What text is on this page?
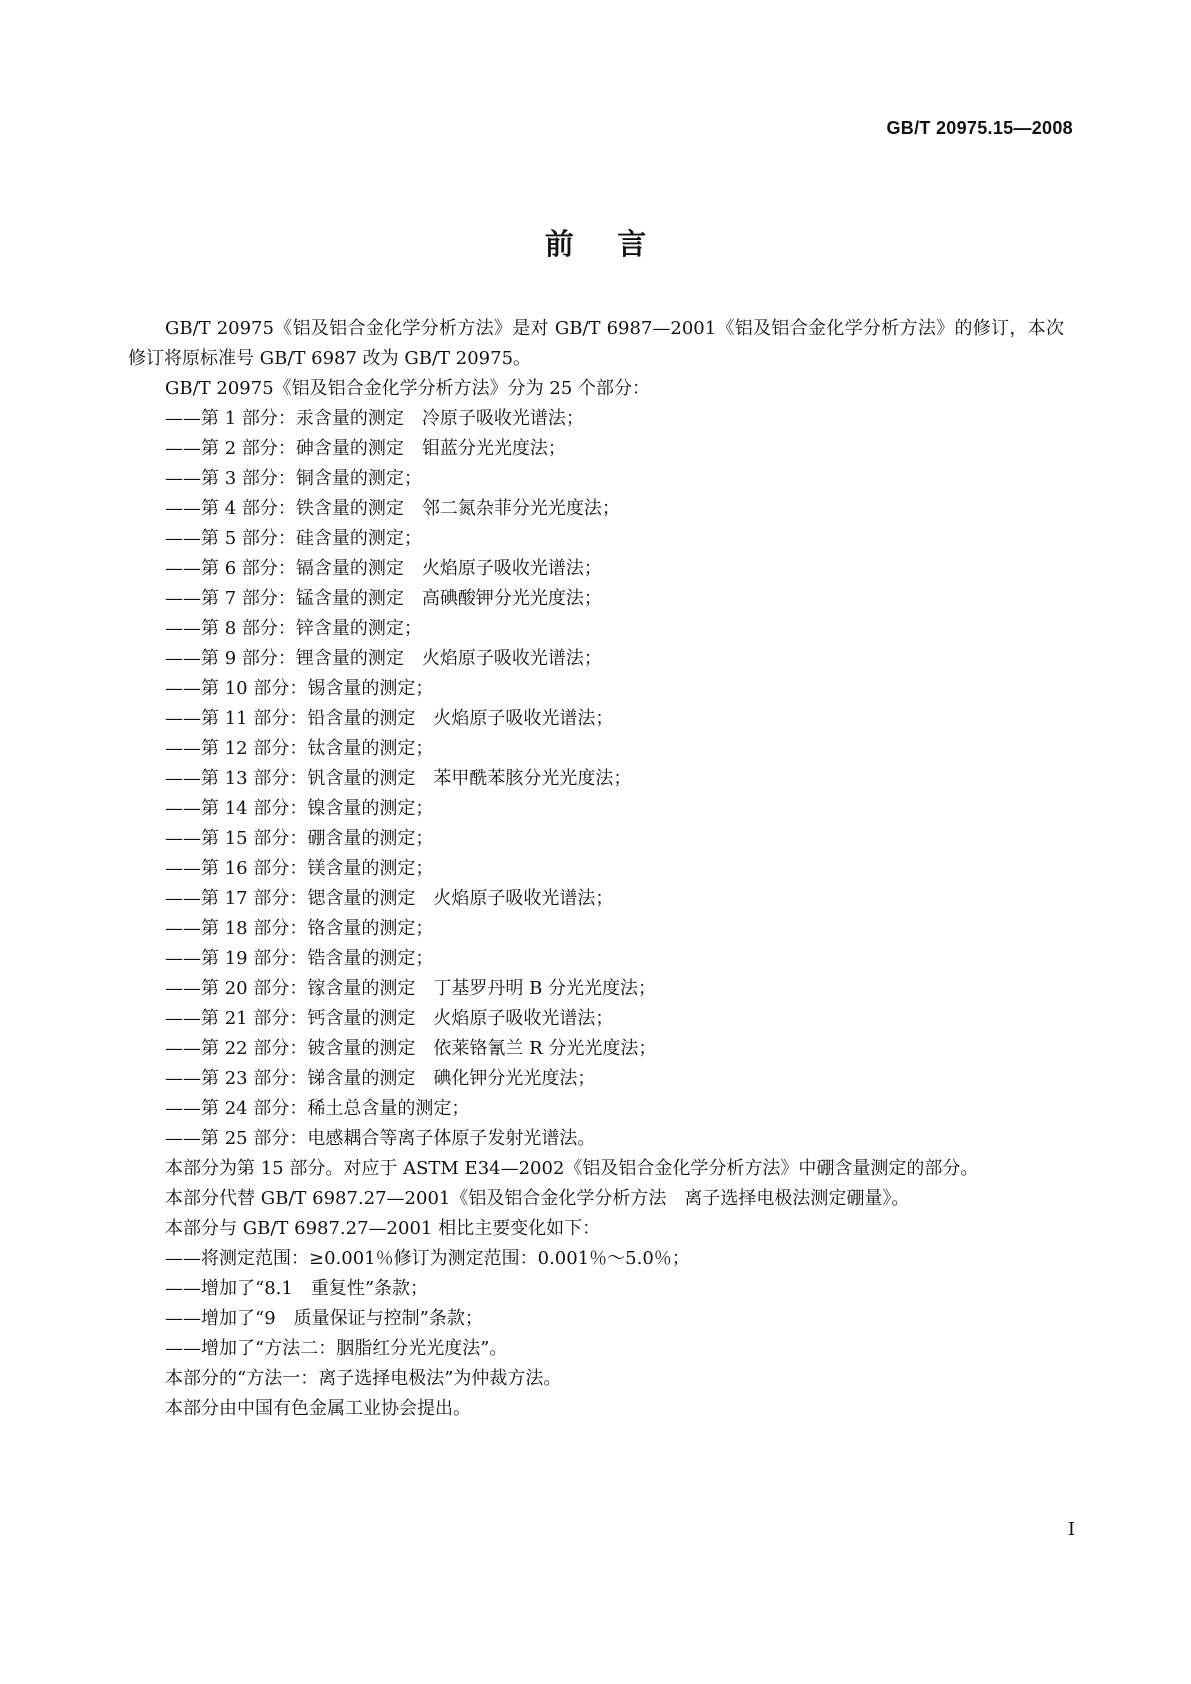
GB/T 20975.15—2008
前言

GB/T 20975《铝及铝合金化学分析方法》是对 GB/T 6987—2001《铝及铝合金化学分析方法》的修订，本次修订将原标准号 GB/T 6987 改为 GB/T 20975。

GB/T 20975《铝及铝合金化学分析方法》分为 25 个部分：

——第 1 部分：汞含量的测定　冷原子吸收光谱法；

——第 2 部分：砷含量的测定　钼蓝分光光度法；

——第 3 部分：铜含量的测定；

——第 4 部分：铁含量的测定　邻二氮杂菲分光光度法；

——第 5 部分：硅含量的测定；

——第 6 部分：镉含量的测定　火焰原子吸收光谱法；

——第 7 部分：锰含量的测定　高碘酸钾分光光度法；

——第 8 部分：锌含量的测定；

——第 9 部分：锂含量的测定　火焰原子吸收光谱法；

——第 10 部分：锡含量的测定；

——第 11 部分：铅含量的测定　火焰原子吸收光谱法；

——第 12 部分：钛含量的测定；

——第 13 部分：钒含量的测定　苯甲酰苯胲分光光度法；

——第 14 部分：镍含量的测定；

——第 15 部分：硼含量的测定；

——第 16 部分：镁含量的测定；

——第 17 部分：锶含量的测定　火焰原子吸收光谱法；

——第 18 部分：铬含量的测定；

——第 19 部分：锆含量的测定；

——第 20 部分：镓含量的测定　丁基罗丹明 B 分光光度法；

——第 21 部分：钙含量的测定　火焰原子吸收光谱法；

——第 22 部分：铍含量的测定　依莱铬氰兰 R 分光光度法；

——第 23 部分：锑含量的测定　碘化钾分光光度法；

——第 24 部分：稀土总含量的测定；

——第 25 部分：电感耦合等离子体原子发射光谱法。

本部分为第 15 部分。对应于 ASTM E34—2002《铝及铝合金化学分析方法》中硼含量测定的部分。

本部分代替 GB/T 6987.27—2001《铝及铝合金化学分析方法　离子选择电极法测定硼量》。

本部分与 GB/T 6987.27—2001 相比主要变化如下：

——将测定范围：≥0.001％修订为测定范围：0.001％～5.0％；

——增加了“8.1　重复性”条款；

——增加了“9　质量保证与控制”条款；

——增加了“方法二：胭脂红分光光度法”。

本部分的“方法一：离子选择电极法”为仲裁方法。

本部分由中国有色金属工业协会提出。

I
